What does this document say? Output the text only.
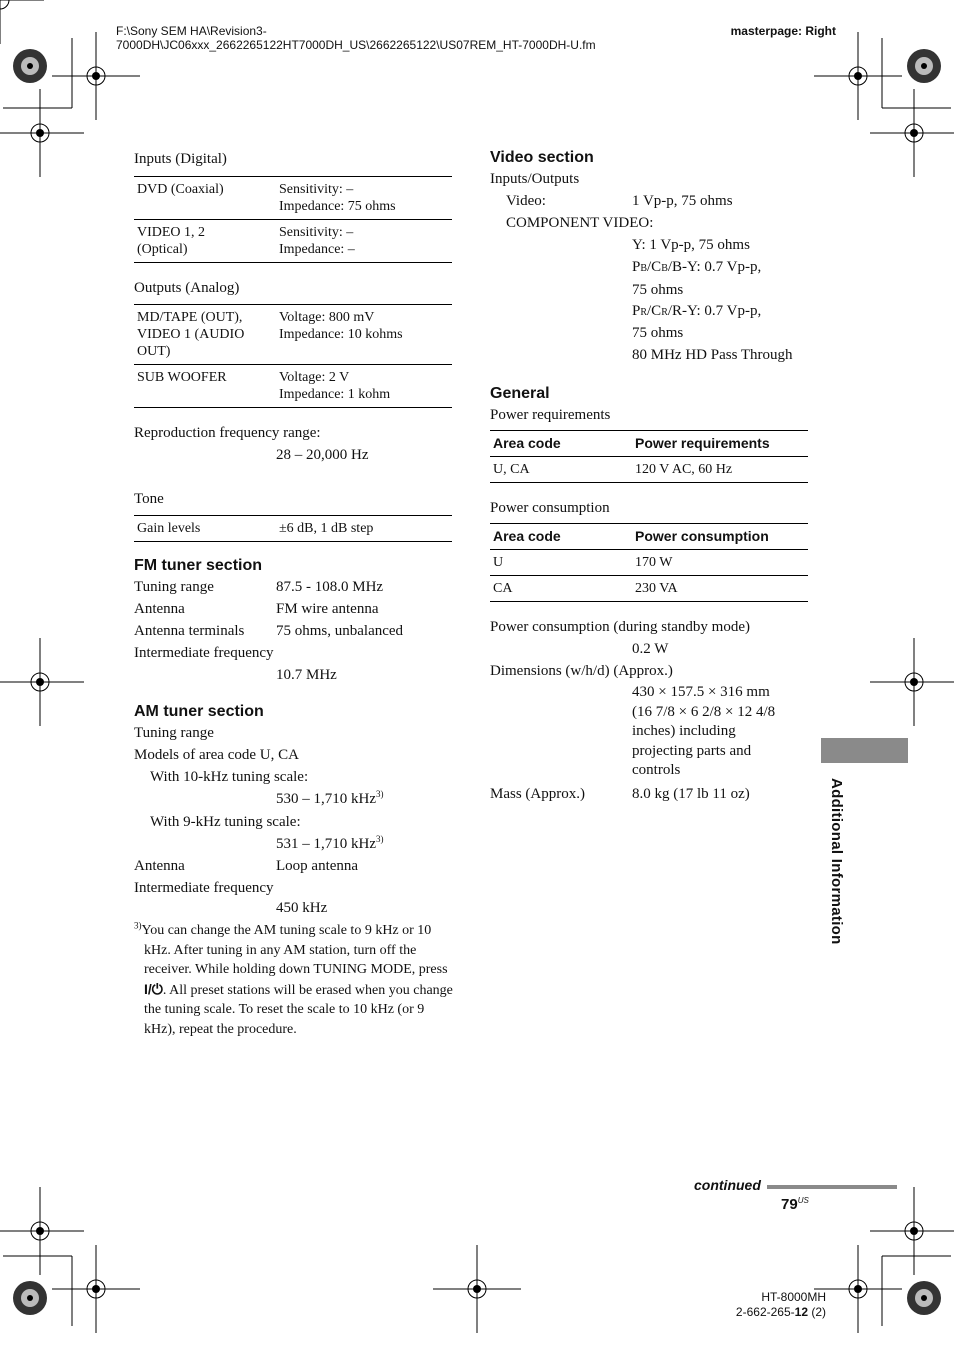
F:\Sony SEM HA\Revision3-
7000DH\JC06xxx_2662265122HT7000DH_US\2662265122\US07REM_HT-7000DH-U.fm
masterpage: Right
Inputs (Digital)
DVD (Coaxial)	Sensitivity: –
Impedance: 75 ohms
VIDEO 1, 2
(Optical)	Sensitivity: –
Impedance: –
Outputs (Analog)
MD/TAPE (OUT),
VIDEO 1 (AUDIO
OUT)	Voltage: 800 mV
Impedance: 10 kohms
SUB WOOFER	Voltage: 2 V
Impedance: 1 kohm
Reproduction frequency range:
28 – 20,000 Hz
Tone
Gain levels	±6 dB, 1 dB step
FM tuner section
Tuning range	87.5 - 108.0 MHz
Antenna	FM wire antenna
Antenna terminals	75 ohms, unbalanced
Intermediate frequency
10.7 MHz
AM tuner section
Tuning range
Models of area code U, CA
With 10-kHz tuning scale:
530 – 1,710 kHz$^{3)}$
With 9-kHz tuning scale:
531 – 1,710 kHz$^{3)}$
Antenna	Loop antenna
Intermediate frequency
450 kHz
$^{3)}$You can change the AM tuning scale to 9 kHz or 10 kHz. After tuning in any AM station, turn off the receiver. While holding down TUNING MODE, press I/⏻. All preset stations will be erased when you change the tuning scale. To reset the scale to 10 kHz (or 9 kHz), repeat the procedure.
Video section
Inputs/Outputs
Video:	1 Vp-p, 75 ohms
COMPONENT VIDEO:
Y: 1 Vp-p, 75 ohms
PB/CB/B-Y: 0.7 Vp-p,
75 ohms
PR/CR/R-Y: 0.7 Vp-p,
75 ohms
80 MHz HD Pass Through
General
Power requirements
Area code	Power requirements
U, CA	120 V AC, 60 Hz
Power consumption
Area code	Power consumption
U	170 W
CA	230 VA
Power consumption (during standby mode)
0.2 W
Dimensions (w/h/d) (Approx.)
430 × 157.5 × 316 mm
(16 7/8 × 6 2/8 × 12 4/8
inches) including
projecting parts and
controls
Mass (Approx.)	8.0 kg (17 lb 11 oz)	Additional Information
continued
$79^{US}$
HT-8000MH
2-662-265-12 (2)
